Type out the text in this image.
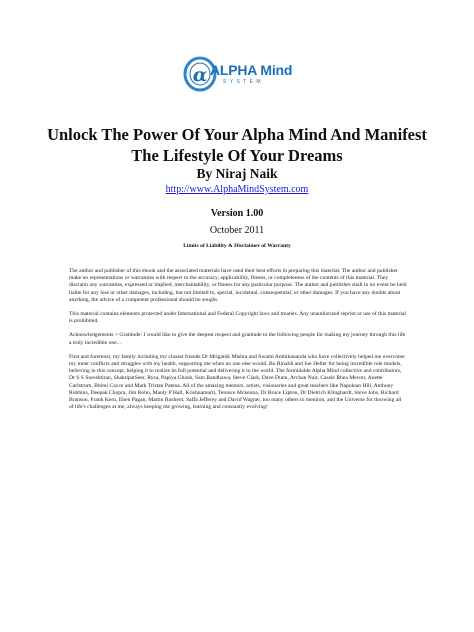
α ALPHA Mind
SYSTEM
Unlock The Power Of Your Alpha Mind And Manifest The Lifestyle Of Your Dreams
By Niraj Naik
http://www.AlphaMindSystem.com
Version 1.00
October 2011
Limits of Liability & Disclaimer of Warranty

The author and publisher of this ebook and the associated materials have used their best efforts in preparing this material. The author and publisher make no representations or warranties with respect to the accuracy, applicability, fitness, or completeness of the contents of this material. They disclaim any warranties, expressed or implied, merchantability, or fitness for any particular purpose. The author and publisher shall in no event be held liable for any loss or other damages, including, but not limited to, special, incidental, consequential, or other damages. If you have any doubts about anything, the advice of a competent professional should be sought.

This material contains elements protected under International and Federal Copyright laws and treaties. Any unauthorized reprint or use of this material is prohibited.

Acknowledgements + Gratitude: I would like to give the deepest respect and gratitude to the following people for making my journey through this life a truly incredible one...

First and foremost, my family including my closest friends Dr Mriganik Mishra and Swami Ambikananda who have collectively helped me overcome my inner conflicts and struggles with my health, supporting me when no one else would. Bo Rinaldi and Joe Heller for being incredible role models, believing in this concept, helping it to realize its full potential and delivering it to the world. The formidable Alpha Mind collective and contributors, Dr S S Sureshtiran, ShaktipatSeer, Rysa, Papiya Ghosh, Sam Randhawa, Steve Clark, Dave Dunn, Archan Nair, Cassie Rhea Mercer, Anette Carlstrom, Bhimi Cayce and Mark Tristan Patena. All of the amazing mentors, artists, visionaries and great teachers like Napolean Hill, Anthony Robbins, Deepak Chopra, Jim Rohn, Manly P Hall, Krishnamurti, Terence Mckenna, Dr Bruce Lipton, Dr Dietrich Klinghardt, Steve Jobs, Richard Branson, Frank Kern, Eben Pagan, Martin Rushent, Saffa Jefferey and David Wagner, too many others to mention, and the Universe for throwing all of life's challenges at me, always keeping me growing, learning and constantly evolving!
